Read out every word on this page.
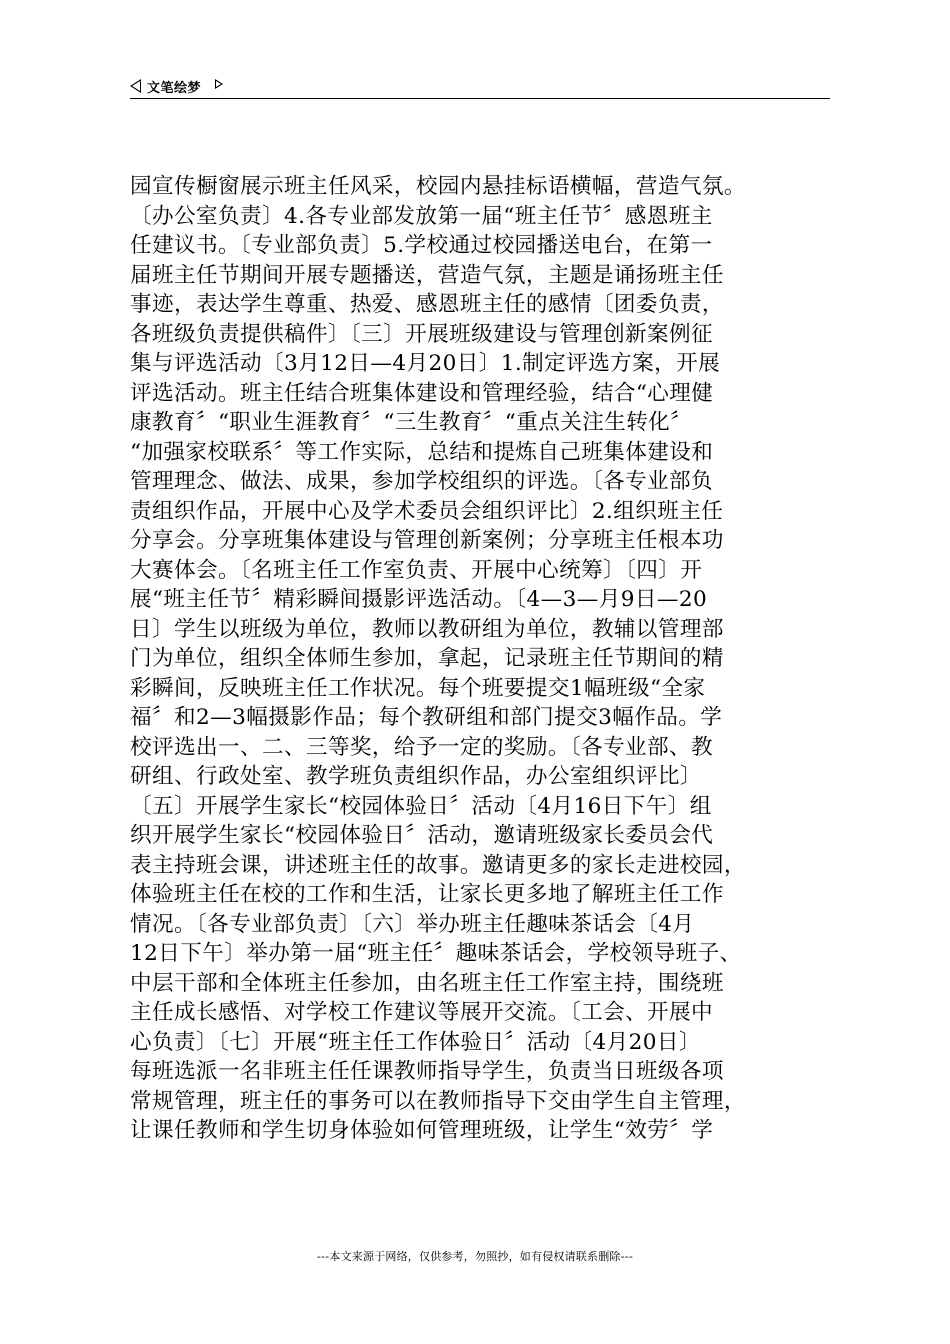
文笔绘梦
园宣传橱窗展示班主任风采，校园内悬挂标语横幅，营造气氛。
〔办公室负责〕4.各专业部发放第一届“班主任节〞感恩班主
任建议书。〔专业部负责〕5.学校通过校园播送电台，在第一
届班主任节期间开展专题播送，营造气氛，主题是诵扬班主任
事迹，表达学生尊重、热爱、感恩班主任的感情〔团委负责，
各班级负责提供稿件〕〔三〕开展班级建设与管理创新案例征
集与评选活动〔3月12日—4月20日〕1.制定评选方案，开展
评选活动。班主任结合班集体建设和管理经验，结合“心理健
康教育〞“职业生涯教育〞“三生教育〞“重点关注生转化〞
“加强家校联系〞等工作实际，总结和提炼自己班集体建设和
管理理念、做法、成果，参加学校组织的评选。〔各专业部负
责组织作品，开展中心及学术委员会组织评比〕2.组织班主任
分享会。分享班集体建设与管理创新案例；分享班主任根本功
大赛体会。〔名班主任工作室负责、开展中心统筹〕〔四〕开
展“班主任节〞精彩瞬间摄影评选活动。〔4—3—月9日—20
日〕学生以班级为单位，教师以教研组为单位，教辅以管理部
门为单位，组织全体师生参加，拿起，记录班主任节期间的精
彩瞬间，反映班主任工作状况。每个班要提交1幅班级“全家
福〞和2—3幅摄影作品；每个教研组和部门提交3幅作品。学
校评选出一、二、三等奖，给予一定的奖励。〔各专业部、教
研组、行政处室、教学班负责组织作品，办公室组织评比〕
〔五〕开展学生家长“校园体验日〞活动〔4月16日下午〕组
织开展学生家长“校园体验日〞活动，邀请班级家长委员会代
表主持班会课，讲述班主任的故事。邀请更多的家长走进校园，
体验班主任在校的工作和生活，让家长更多地了解班主任工作
情况。〔各专业部负责〕〔六〕举办班主任趣味茶话会〔4月
12日下午〕举办第一届“班主任〞趣味茶话会，学校领导班子、
中层干部和全体班主任参加，由名班主任工作室主持，围绕班
主任成长感悟、对学校工作建议等展开交流。〔工会、开展中
心负责〕〔七〕开展“班主任工作体验日〞活动〔4月20日〕
每班选派一名非班主任任课教师指导学生，负责当日班级各项
常规管理，班主任的事务可以在教师指导下交由学生自主管理，
让课任教师和学生切身体验如何管理班级，让学生“效劳〞学
---本文来源于网络，仅供参考，勿照抄，如有侵权请联系删除---
